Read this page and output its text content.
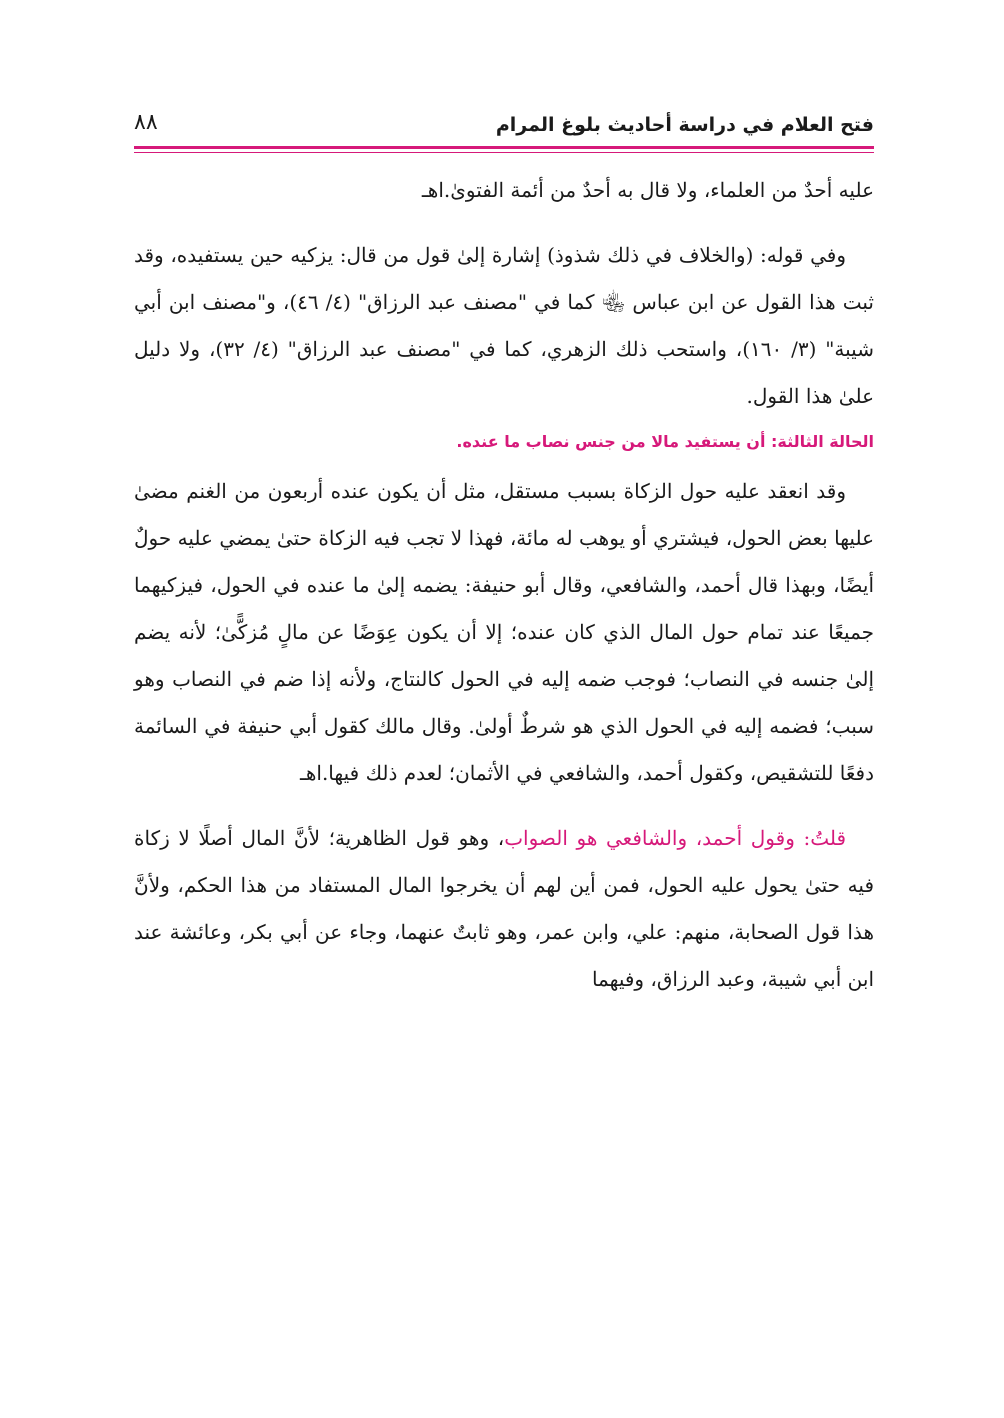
فتح العلام في دراسة أحاديث بلوغ المرام
٨٨

عليه أحدٌ من العلماء، ولا قال به أحدٌ من أئمة الفتوىٰ.اهـ

وفي قوله: (والخلاف في ذلك شذوذ) إشارة إلىٰ قول من قال: يزكيه حين يستفيده، وقد ثبت هذا القول عن ابن عباس ﵄ كما في "مصنف عبد الرزاق" (٤/ ٤٦)، و"مصنف ابن أبي شيبة" (٣/ ١٦٠)، واستحب ذلك الزهري، كما في "مصنف عبد الرزاق" (٤/ ٣٢)، ولا دليل علىٰ هذا القول.

الحالة الثالثة: أن يستفيد مالا من جنس نصاب ما عنده.

وقد انعقد عليه حول الزكاة بسبب مستقل، مثل أن يكون عنده أربعون من الغنم مضىٰ عليها بعض الحول، فيشتري أو يوهب له مائة، فهذا لا تجب فيه الزكاة حتىٰ يمضي عليه حولٌ أيضًا، وبهذا قال أحمد، والشافعي، وقال أبو حنيفة: يضمه إلىٰ ما عنده في الحول، فيزكيهما جميعًا عند تمام حول المال الذي كان عنده؛ إلا أن يكون عِوَضًا عن مالٍ مُزكًّىٰ؛ لأنه يضم إلىٰ جنسه في النصاب؛ فوجب ضمه إليه في الحول كالنتاج، ولأنه إذا ضم في النصاب وهو سبب؛ فضمه إليه في الحول الذي هو شرطٌ أولىٰ. وقال مالك كقول أبي حنيفة في السائمة دفعًا للتشقيص، وكقول أحمد، والشافعي في الأثمان؛ لعدم ذلك فيها.اهـ

قلتُ: وقول أحمد، والشافعي هو الصواب، وهو قول الظاهرية؛ لأنَّ المال أصلًا لا زكاة فيه حتىٰ يحول عليه الحول، فمن أين لهم أن يخرجوا المال المستفاد من هذا الحكم، ولأنَّ هذا قول الصحابة، منهم: علي، وابن عمر، وهو ثابتٌ عنهما، وجاء عن أبي بكر، وعائشة عند ابن أبي شيبة، وعبد الرزاق، وفيهما
